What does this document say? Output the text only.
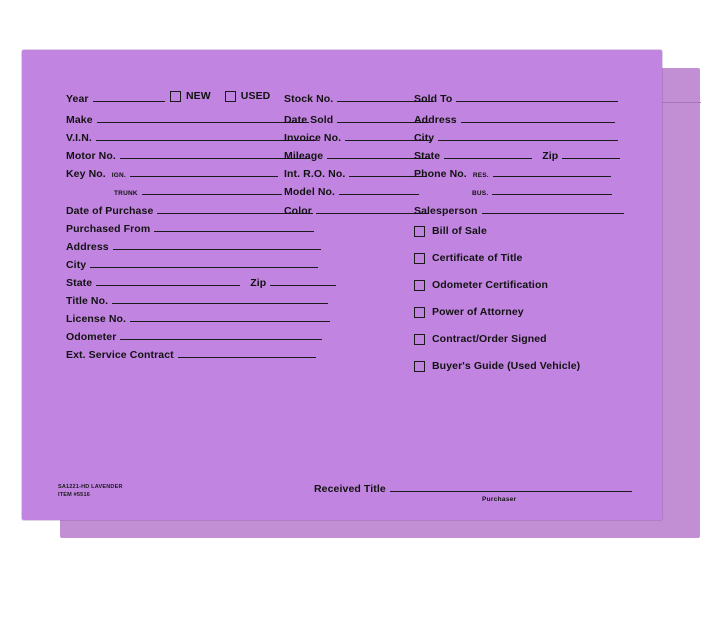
Year	NEW	USED
Make
V.I.N.
Motor No.
Key No. IGN.
TRUNK
Date of Purchase
Purchased From
Address
City
State	Zip
Title No.
License No.
Odometer
Ext. Service Contract
Stock No.
Date Sold
Invoice No.
Mileage
Int. R.O. No.
Model No.
Color
Sold To
Address
City
State	Zip
Phone No. RES.
BUS.
Salesperson
Bill of Sale
Certificate of Title
Odometer Certification
Power of Attorney
Contract/Order Signed
Buyer's Guide (Used Vehicle)
SA1221-HD LAVENDER
ITEM #5516	Received Title
Purchaser
